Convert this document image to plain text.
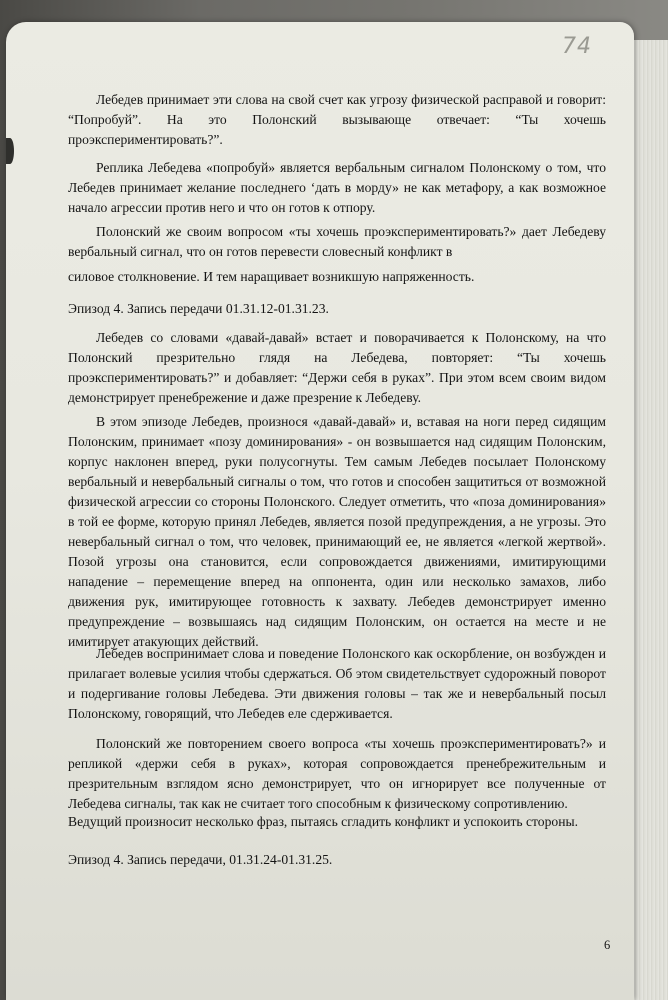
74

Лебедев принимает эти слова на свой счет как угрозу физической расправой и говорит: “Попробуй”. На это Полонский вызывающе отвечает: “Ты хочешь проэкспериментировать?”.

Реплика Лебедева «попробуй» является вербальным сигналом Полонскому о том, что Лебедев принимает желание последнего ‘дать в морду» не как метафору, а как возможное начало агрессии против него и что он готов к отпору.

Полонский же своим вопросом «ты хочешь проэкспериментировать?» дает Лебедеву вербальный сигнал, что он готов перевести словесный конфликт в

силовое столкновение. И тем наращивает возникшую напряженность.

Эпизод 4. Запись передачи 01.31.12-01.31.23.

Лебедев со словами «давай-давай» встает и поворачивается к Полонскому, на что Полонский презрительно глядя на Лебедева, повторяет: “Ты хочешь проэкспериментировать?” и добавляет: “Держи себя в руках”. При этом всем своим видом демонстрирует пренебрежение и даже презрение к Лебедеву.

В этом эпизоде Лебедев, произнося «давай-давай» и, вставая на ноги перед сидящим Полонским, принимает «позу доминирования» - он возвышается над сидящим Полонским, корпус наклонен вперед, руки полусогнуты. Тем самым Лебедев посылает Полонскому вербальный и невербальный сигналы о том, что готов и способен защититься от возможной физической агрессии со стороны Полонского. Следует отметить, что «поза доминирования» в той ее форме, которую принял Лебедев, является позой предупреждения, а не угрозы. Это невербальный сигнал о том, что человек, принимающий ее, не является «легкой жертвой». Позой угрозы она становится, если сопровождается движениями, имитирующими нападение – перемещение вперед на оппонента, один или несколько замахов, либо движения рук, имитирующее готовность к захвату. Лебедев демонстрирует именно предупреждение – возвышаясь над сидящим Полонским, он остается на месте и не имитирует атакующих действий.

Лебедев воспринимает слова и поведение Полонского как оскорбление, он возбужден и прилагает волевые усилия чтобы сдержаться. Об этом свидетельствует судорожный поворот и подергивание головы Лебедева. Эти движения головы – так же и невербальный посыл Полонскому, говорящий, что Лебедев еле сдерживается.

Полонский же повторением своего вопроса «ты хочешь проэкспериментировать?» и репликой «держи себя в руках», которая сопровождается пренебрежительным и презрительным взглядом ясно демонстрирует, что он игнорирует все полученные от Лебедева сигналы, так как не считает того способным к физическому сопротивлению.

Ведущий произносит несколько фраз, пытаясь сгладить конфликт и успокоить стороны.

Эпизод 4. Запись передачи, 01.31.24-01.31.25.

6
